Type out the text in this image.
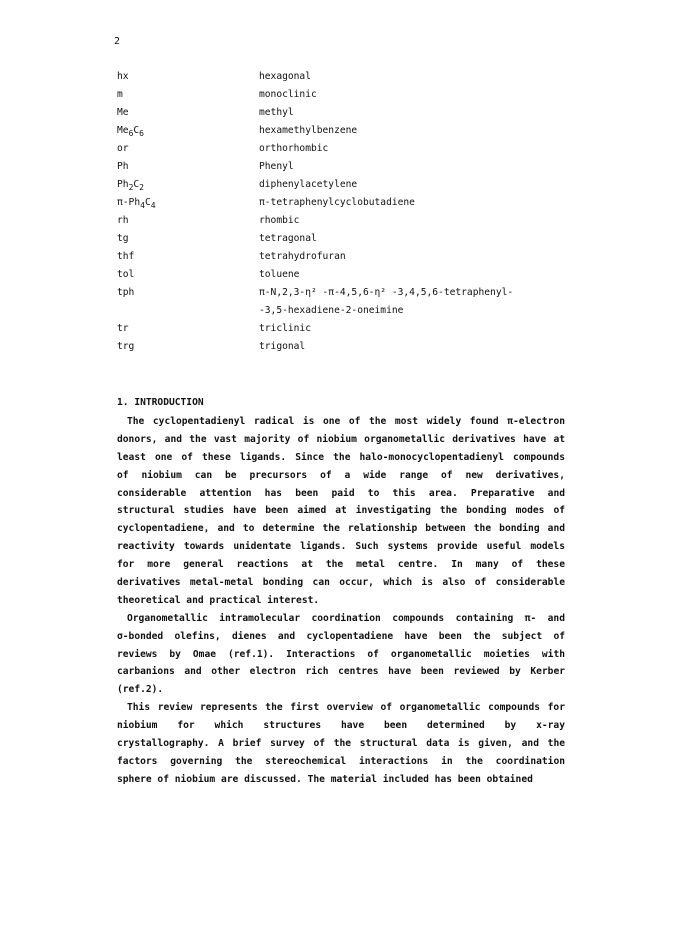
2
hx	hexagonal
m	monoclinic
Me	methyl
$Me_6C_6$	hexamethylbenzene
or	orthorhombic
Ph	Phenyl
$Ph_2C_2$	diphenylacetylene
$\pi-Ph_4C_4$	π-tetraphenylcyclobutadiene
rh	rhombic
tg	tetragonal
thf	tetrahydrofuran
tol	toluene
tph	π-N,2,3-η² -π-4,5,6-η² -3,4,5,6-tetraphenyl-
-3,5-hexadiene-2-oneimine
tr	triclinic
trg	trigonal
1. INTRODUCTION
The cyclopentadienyl radical is one of the most widely found π-electron
donors, and the vast majority of niobium organometallic derivatives have at
least one of these ligands. Since the halo-monocyclopentadienyl compounds
of niobium can be precursors of a wide range of new derivatives,
considerable attention has been paid to this area. Preparative and
structural studies have been aimed at investigating the bonding modes of
cyclopentadiene, and to determine the relationship between the bonding and
reactivity towards unidentate ligands. Such systems provide useful models
for more general reactions at the metal centre. In many of these
derivatives metal-metal bonding can occur, which is also of considerable
theoretical and practical interest.
Organometallic intramolecular coordination compounds containing π- and
σ-bonded olefins, dienes and cyclopentadiene have been the subject of
reviews by Omae (ref.1). Interactions of organometallic moieties with
carbanions and other electron rich centres have been reviewed by Kerber
(ref.2).
This review represents the first overview of organometallic compounds for
niobium for which structures have been determined by x-ray
crystallography. A brief survey of the structural data is given, and the
factors governing the stereochemical interactions in the coordination
sphere of niobium are discussed. The material included has been obtained
